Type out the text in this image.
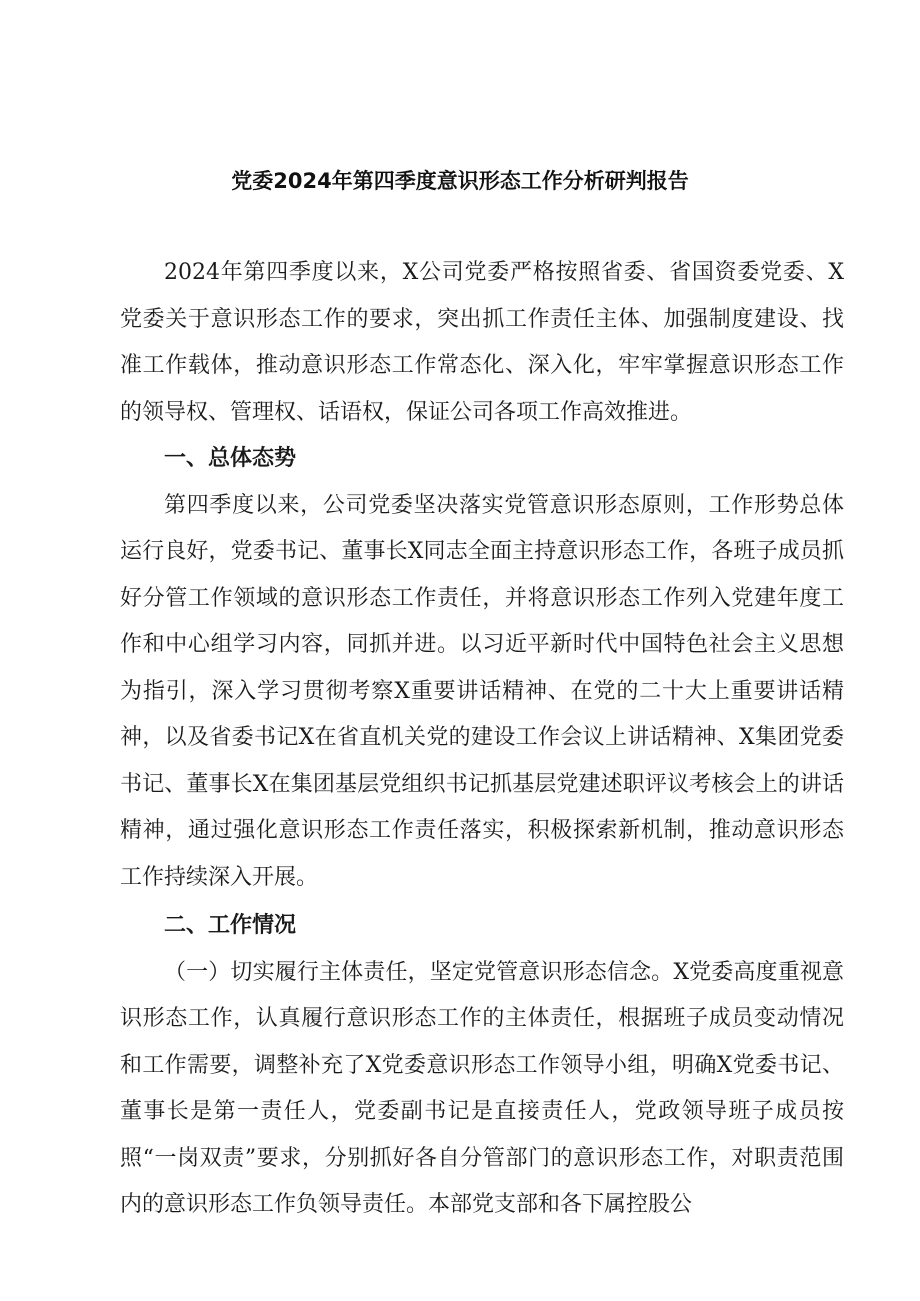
党委2024年第四季度意识形态工作分析研判报告

2024年第四季度以来，X公司党委严格按照省委、省国资委党委、X党委关于意识形态工作的要求，突出抓工作责任主体、加强制度建设、找准工作载体，推动意识形态工作常态化、深入化，牢牢掌握意识形态工作的领导权、管理权、话语权，保证公司各项工作高效推进。

一、总体态势

第四季度以来，公司党委坚决落实党管意识形态原则，工作形势总体运行良好，党委书记、董事长X同志全面主持意识形态工作，各班子成员抓好分管工作领域的意识形态工作责任，并将意识形态工作列入党建年度工作和中心组学习内容，同抓并进。以习近平新时代中国特色社会主义思想为指引，深入学习贯彻考察X重要讲话精神、在党的二十大上重要讲话精神，以及省委书记X在省直机关党的建设工作会议上讲话精神、X集团党委书记、董事长X在集团基层党组织书记抓基层党建述职评议考核会上的讲话精神，通过强化意识形态工作责任落实，积极探索新机制，推动意识形态工作持续深入开展。

二、工作情况

（一）切实履行主体责任，坚定党管意识形态信念。X党委高度重视意识形态工作，认真履行意识形态工作的主体责任，根据班子成员变动情况和工作需要，调整补充了X党委意识形态工作领导小组，明确X党委书记、董事长是第一责任人，党委副书记是直接责任人，党政领导班子成员按照“一岗双责”要求，分别抓好各自分管部门的意识形态工作，对职责范围内的意识形态工作负领导责任。本部党支部和各下属控股公
